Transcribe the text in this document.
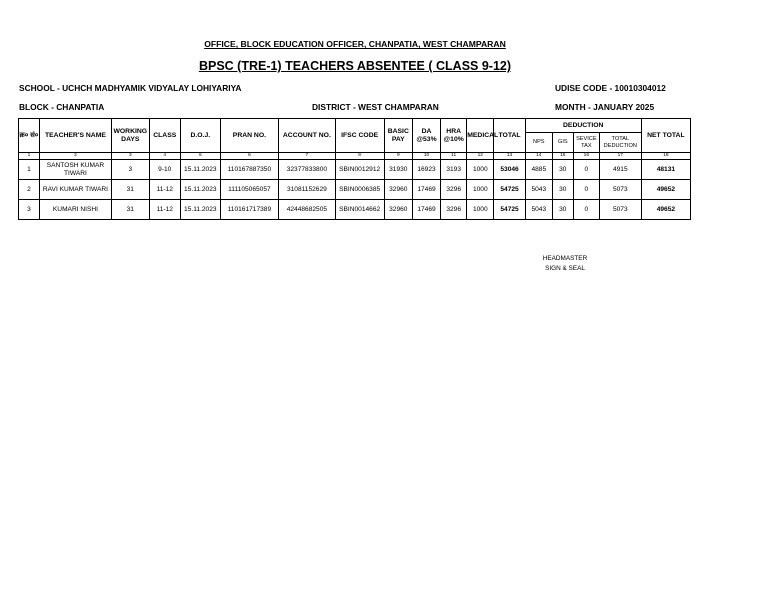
OFFICE, BLOCK EDUCATION OFFICER, CHANPATIA, WEST CHAMPARAN
BPSC (TRE-1) TEACHERS ABSENTEE ( CLASS 9-12)
SCHOOL - UCHCH MADHYAMIK VIDYALAY LOHIYARIYA	UDISE CODE - 10010304012
BLOCK - CHANPATIA	DISTRICT - WEST CHAMPARAN	MONTH - JANUARY 2025
क्र० सं०	TEACHER'S NAME	WORKING DAYS	CLASS	D.O.J.	PRAN NO.	ACCOUNT NO.	IFSC CODE	BASIC PAY	DA @53%	HRA @10%	MEDICAL	TOTAL	DEDUCTION				NET TOTAL
													NPS	GIS	SEVICE TAX	TOTAL DEDUCTION	
1	2	3	4	5	6	7	8	9	10	11	12	13	14	15	16	17	18
1	SANTOSH KUMAR TIWARI	3	9-10	15.11.2023	110167887350	32377833800	SBIN0012912	31930	16923	3193	1000	53046	4885	30	0	4915	48131
2	RAVI KUMAR TIWARI	31	11-12	15.11.2023	111105065057	31081152629	SBIN0006385	32960	17469	3296	1000	54725	5043	30	0	5073	49652
3	KUMARI NISHI	31	11-12	15.11.2023	110161717389	42448682505	SBIN0014662	32960	17469	3296	1000	54725	5043	30	0	5073	49652
HEADMASTER
SIGN & SEAL
